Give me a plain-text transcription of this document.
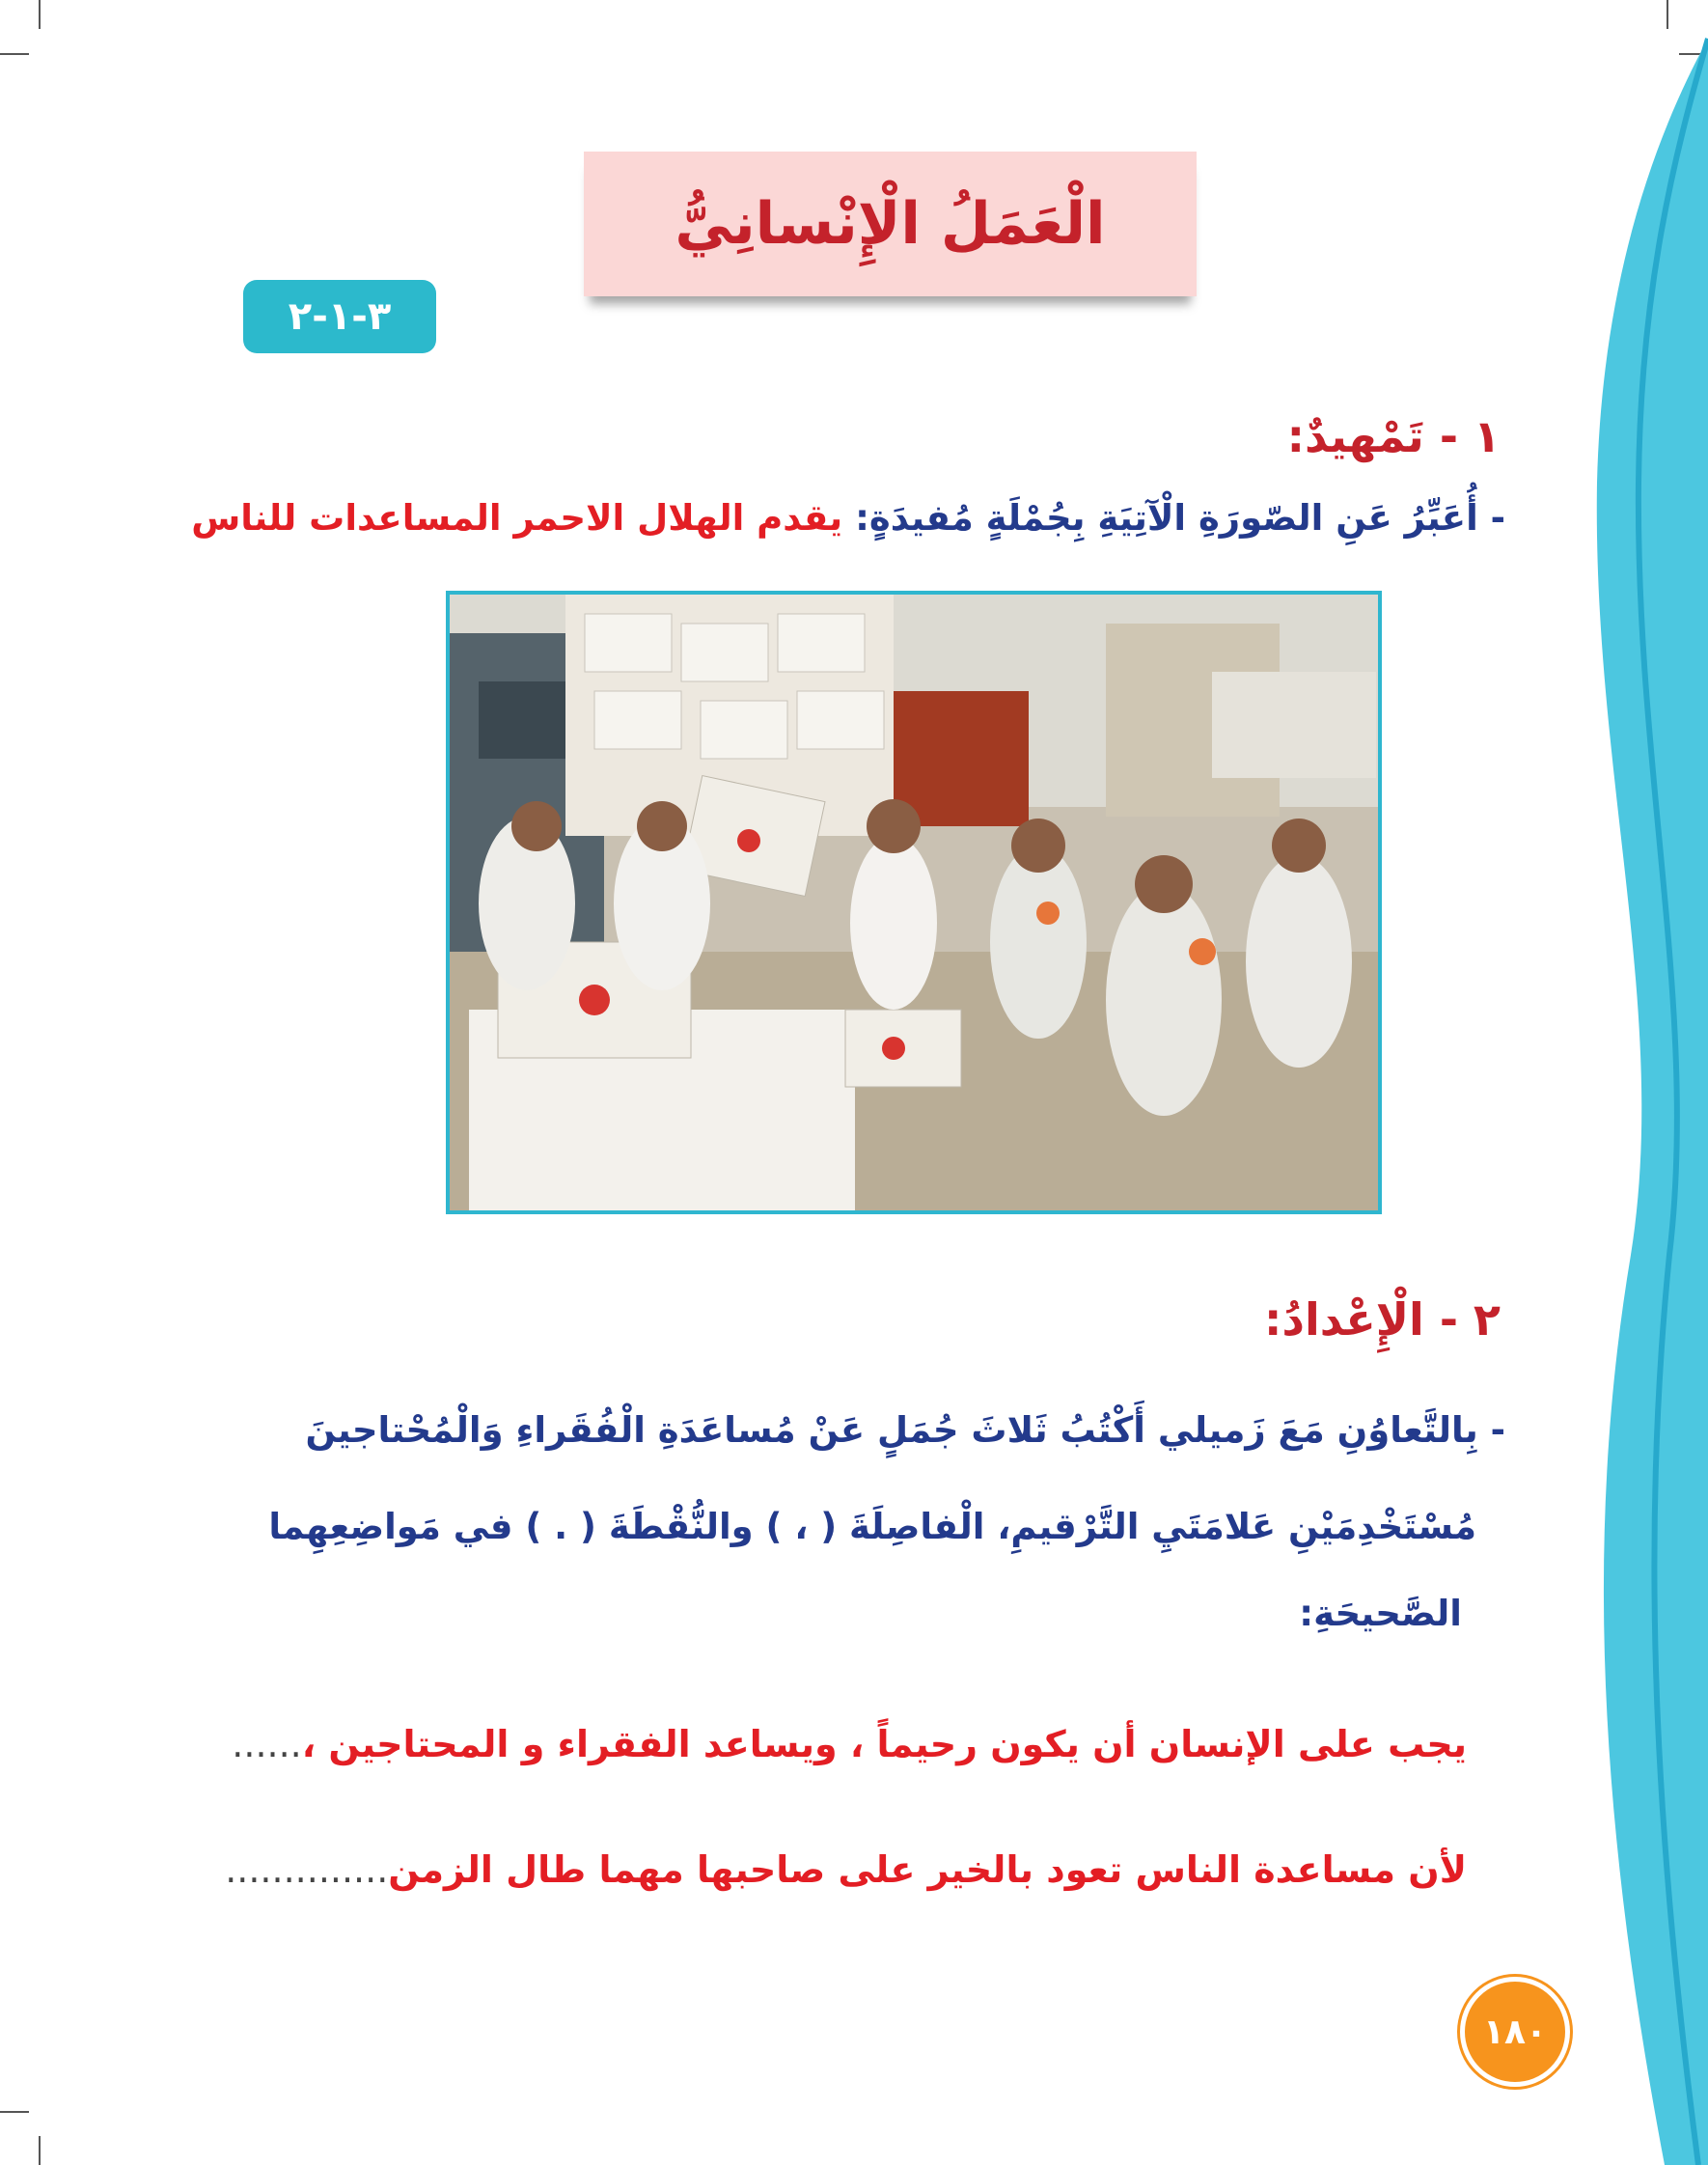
الْعَمَلُ الْإِنْسانِيُّ
٣-١-٢
١ - تَمْهيدٌ:
- أُعَبِّرُ عَنِ الصّورَةِ الْآتِيَةِ بِجُمْلَةٍ مُفيدَةٍ: يقدم الهلال الاحمر المساعدات للناس
٢ - الْإِعْدادُ:
- بِالتَّعاوُنِ مَعَ زَميلي أَكْتُبُ ثَلاثَ جُمَلٍ عَنْ مُساعَدَةِ الْفُقَراءِ وَالْمُحْتاجينَ
مُسْتَخْدِمَيْنِ عَلامَتَيِ التَّرْقيمِ، الْفاصِلَةَ ( ، ) والنُّقْطَةَ ( . ) في مَواضِعِهِما
الصَّحيحَةِ:
يجب على الإنسان أن يكون رحيماً ، ويساعد الفقراء و المحتاجين ،......
لأن مساعدة الناس تعود بالخير على صاحبها مهما طال الزمن..............
١٨٠
